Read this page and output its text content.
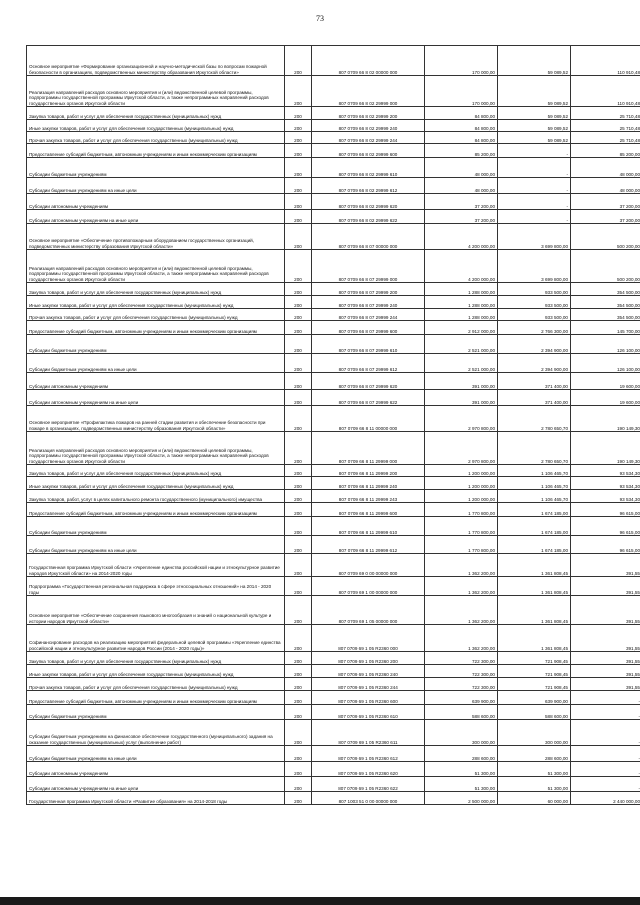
73
Основное мероприятие «Формирование организационной и научно-методической базы по вопросам пожарной безопасности в организациях, подведомственных министерству образования Иркутской области»	200	807 0709 66 8 02 00000 000	170 000,00	59 089,52	110 910,48
Реализация направлений расходов основного мероприятия и (или) ведомственной целевой программы, подпрограммы государственной программы Иркутской области, а также непрограммных направлений расходов государственных органов Иркутской области	200	807 0709 66 8 02 29999 000	170 000,00	59 089,52	110 910,48
Закупка товаров, работ и услуг для обеспечения государственных (муниципальных) нужд	200	807 0709 66 8 02 29999 200	84 800,00	59 089,52	25 710,48
Иные закупки товаров, работ и услуг для обеспечения государственных (муниципальных) нужд	200	807 0709 66 8 02 29999 240	84 800,00	59 089,52	25 710,48
Прочая закупка товаров, работ и услуг для обеспечения государственных (муниципальных) нужд	200	807 0709 66 8 02 29999 244	84 800,00	59 089,52	25 710,48
Предоставление субсидий бюджетным, автономным учреждениям и иным некоммерческим организациям	200	807 0709 66 8 02 29999 600	85 200,00	-	85 200,00
Субсидии бюджетным учреждениям	200	807 0709 66 8 02 29999 610	48 000,00	-	48 000,00
Субсидии бюджетным учреждениям на иные цели	200	807 0709 66 8 02 29999 612	48 000,00	-	48 000,00
Субсидии автономным учреждениям	200	807 0709 66 8 02 29999 620	37 200,00	-	37 200,00
Субсидии автономным учреждениям на иные цели	200	807 0709 66 8 02 29999 622	37 200,00	-	37 200,00
Основное мероприятие «Обеспечение противопожарным оборудованием государственных организаций, подведомственных министерству образования Иркутской области»	200	807 0709 66 8 07 00000 000	4 200 000,00	3 699 800,00	500 200,00
Реализация направлений расходов основного мероприятия и (или) ведомственной целевой программы, подпрограммы государственной программы Иркутской области, а также непрограммных направлений расходов государственных органов Иркутской области	200	807 0709 66 8 07 29999 000	4 200 000,00	3 699 800,00	500 200,00
Закупка товаров, работ и услуг для обеспечения государственных (муниципальных) нужд	200	807 0709 66 8 07 29999 200	1 288 000,00	933 500,00	354 500,00
Иные закупки товаров, работ и услуг для обеспечения государственных (муниципальных) нужд	200	807 0709 66 8 07 29999 240	1 288 000,00	933 500,00	354 500,00
Прочая закупка товаров, работ и услуг для обеспечения государственных (муниципальных) нужд	200	807 0709 66 8 07 29999 244	1 288 000,00	933 500,00	354 500,00
Предоставление субсидий бюджетным, автономным учреждениям и иным некоммерческим организациям	200	807 0709 66 8 07 29999 600	2 912 000,00	2 766 300,00	145 700,00
Субсидии бюджетным учреждениям	200	807 0709 66 8 07 29999 610	2 521 000,00	2 394 900,00	126 100,00
Субсидии бюджетным учреждениям на иные цели	200	807 0709 66 8 07 29999 612	2 521 000,00	2 394 900,00	126 100,00
Субсидии автономным учреждениям	200	807 0709 66 8 07 29999 620	391 000,00	371 400,00	19 600,00
Субсидии автономным учреждениям на иные цели	200	807 0709 66 8 07 29999 622	391 000,00	371 400,00	19 600,00
Основное мероприятие «Профилактика пожаров на ранней стадии развития и обеспечение безопасности при пожаре в организациях, подведомственных министерству образования Иркутской области»	200	807 0709 66 8 11 00000 000	2 970 800,00	2 780 650,70	190 149,30
Реализация направлений расходов основного мероприятия и (или) ведомственной целевой программы, подпрограммы государственной программы Иркутской области, а также непрограммных направлений расходов государственных органов Иркутской области	200	807 0709 66 8 11 29999 000	2 970 800,00	2 780 650,70	190 149,30
Закупка товаров, работ и услуг для обеспечения государственных (муниципальных) нужд	200	807 0709 66 8 11 29999 200	1 200 000,00	1 106 465,70	93 534,30
Иные закупки товаров, работ и услуг для обеспечения государственных (муниципальных) нужд	200	807 0709 66 8 11 29999 240	1 200 000,00	1 106 465,70	93 534,30
Закупка товаров, работ, услуг в целях капитального ремонта государственного (муниципального) имущества	200	807 0709 66 8 11 29999 243	1 200 000,00	1 106 465,70	93 534,30
Предоставление субсидий бюджетным, автономным учреждениям и иным некоммерческим организациям	200	807 0709 66 8 11 29999 600	1 770 800,00	1 674 185,00	96 615,00
Субсидии бюджетным учреждениям	200	807 0709 66 8 11 29999 610	1 770 800,00	1 674 185,00	96 615,00
Субсидии бюджетным учреждениям на иные цели	200	807 0709 66 8 11 29999 612	1 770 800,00	1 674 185,00	96 615,00
Государственная программа Иркутской области «Укрепление единства российской нации и этнокультурное развитие народов Иркутской области» на 2014-2020 годы	200	807 0709 69 0 00 00000 000	1 362 200,00	1 361 808,45	391,55
Подпрограмма «Государственная региональная поддержка в сфере этносоциальных отношений» на 2014 - 2020 годы	200	807 0709 69 1 00 00000 000	1 362 200,00	1 361 808,45	391,55
Основное мероприятие «Обеспечение сохранения языкового многообразия и знаний о национальной культуре и истории народов Иркутской области»	200	807 0709 69 1 05 00000 000	1 362 200,00	1 361 808,45	391,55
Софинансирование расходов на реализацию мероприятий федеральной целевой программы «Укрепление единства российской нации и этнокультурное развитие народов России (2014 - 2020 годы)»	200	807 0709 69 1 05 R2360 000	1 362 200,00	1 361 808,45	391,55
Закупка товаров, работ и услуг для обеспечения государственных (муниципальных) нужд	200	807 0709 69 1 05 R2360 200	722 300,00	721 908,45	391,55
Иные закупки товаров, работ и услуг для обеспечения государственных (муниципальных) нужд	200	807 0709 69 1 05 R2360 240	722 300,00	721 908,45	391,55
Прочая закупка товаров, работ и услуг для обеспечения государственных (муниципальных) нужд	200	807 0709 69 1 05 R2360 244	722 300,00	721 908,45	391,55
Предоставление субсидий бюджетным, автономным учреждениям и иным некоммерческим организациям	200	807 0709 69 1 05 R2360 600	639 900,00	639 900,00	-
Субсидии бюджетным учреждениям	200	807 0709 69 1 05 R2360 610	588 600,00	588 600,00	-
Субсидии бюджетным учреждениям на финансовое обеспечение государственного (муниципального) задания на оказание государственных (муниципальных) услуг (выполнение работ)	200	807 0709 69 1 05 R2360 611	300 000,00	300 000,00	-
Субсидии бюджетным учреждениям на иные цели	200	807 0709 69 1 05 R2360 612	288 600,00	288 600,00	-
Субсидии автономным учреждениям	200	807 0709 69 1 05 R2360 620	51 300,00	51 300,00	-
Субсидии автономным учреждениям на иные цели	200	807 0709 69 1 05 R2360 622	51 300,00	51 300,00	-
Государственная программа Иркутской области «Развитие образования» на 2014-2018 годы	200	807 1003 51 0 00 00000 000	2 500 000,00	60 000,00	2 440 000,00
